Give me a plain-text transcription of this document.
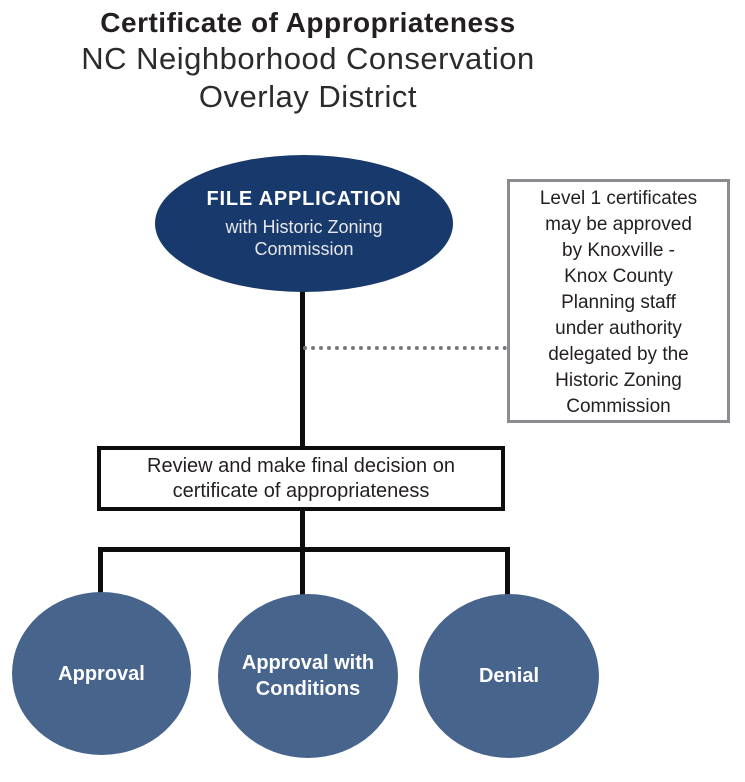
Certificate of Appropriateness
NC Neighborhood Conservation
Overlay District
FILE APPLICATION
with Historic Zoning
Commission
Level 1 certificates
may be approved
by Knoxville -
Knox County
Planning staff
under authority
delegated by the
Historic Zoning
Commission
Review and make final decision on
certificate of appropriateness
Approval	Approval with Conditions
Denial
